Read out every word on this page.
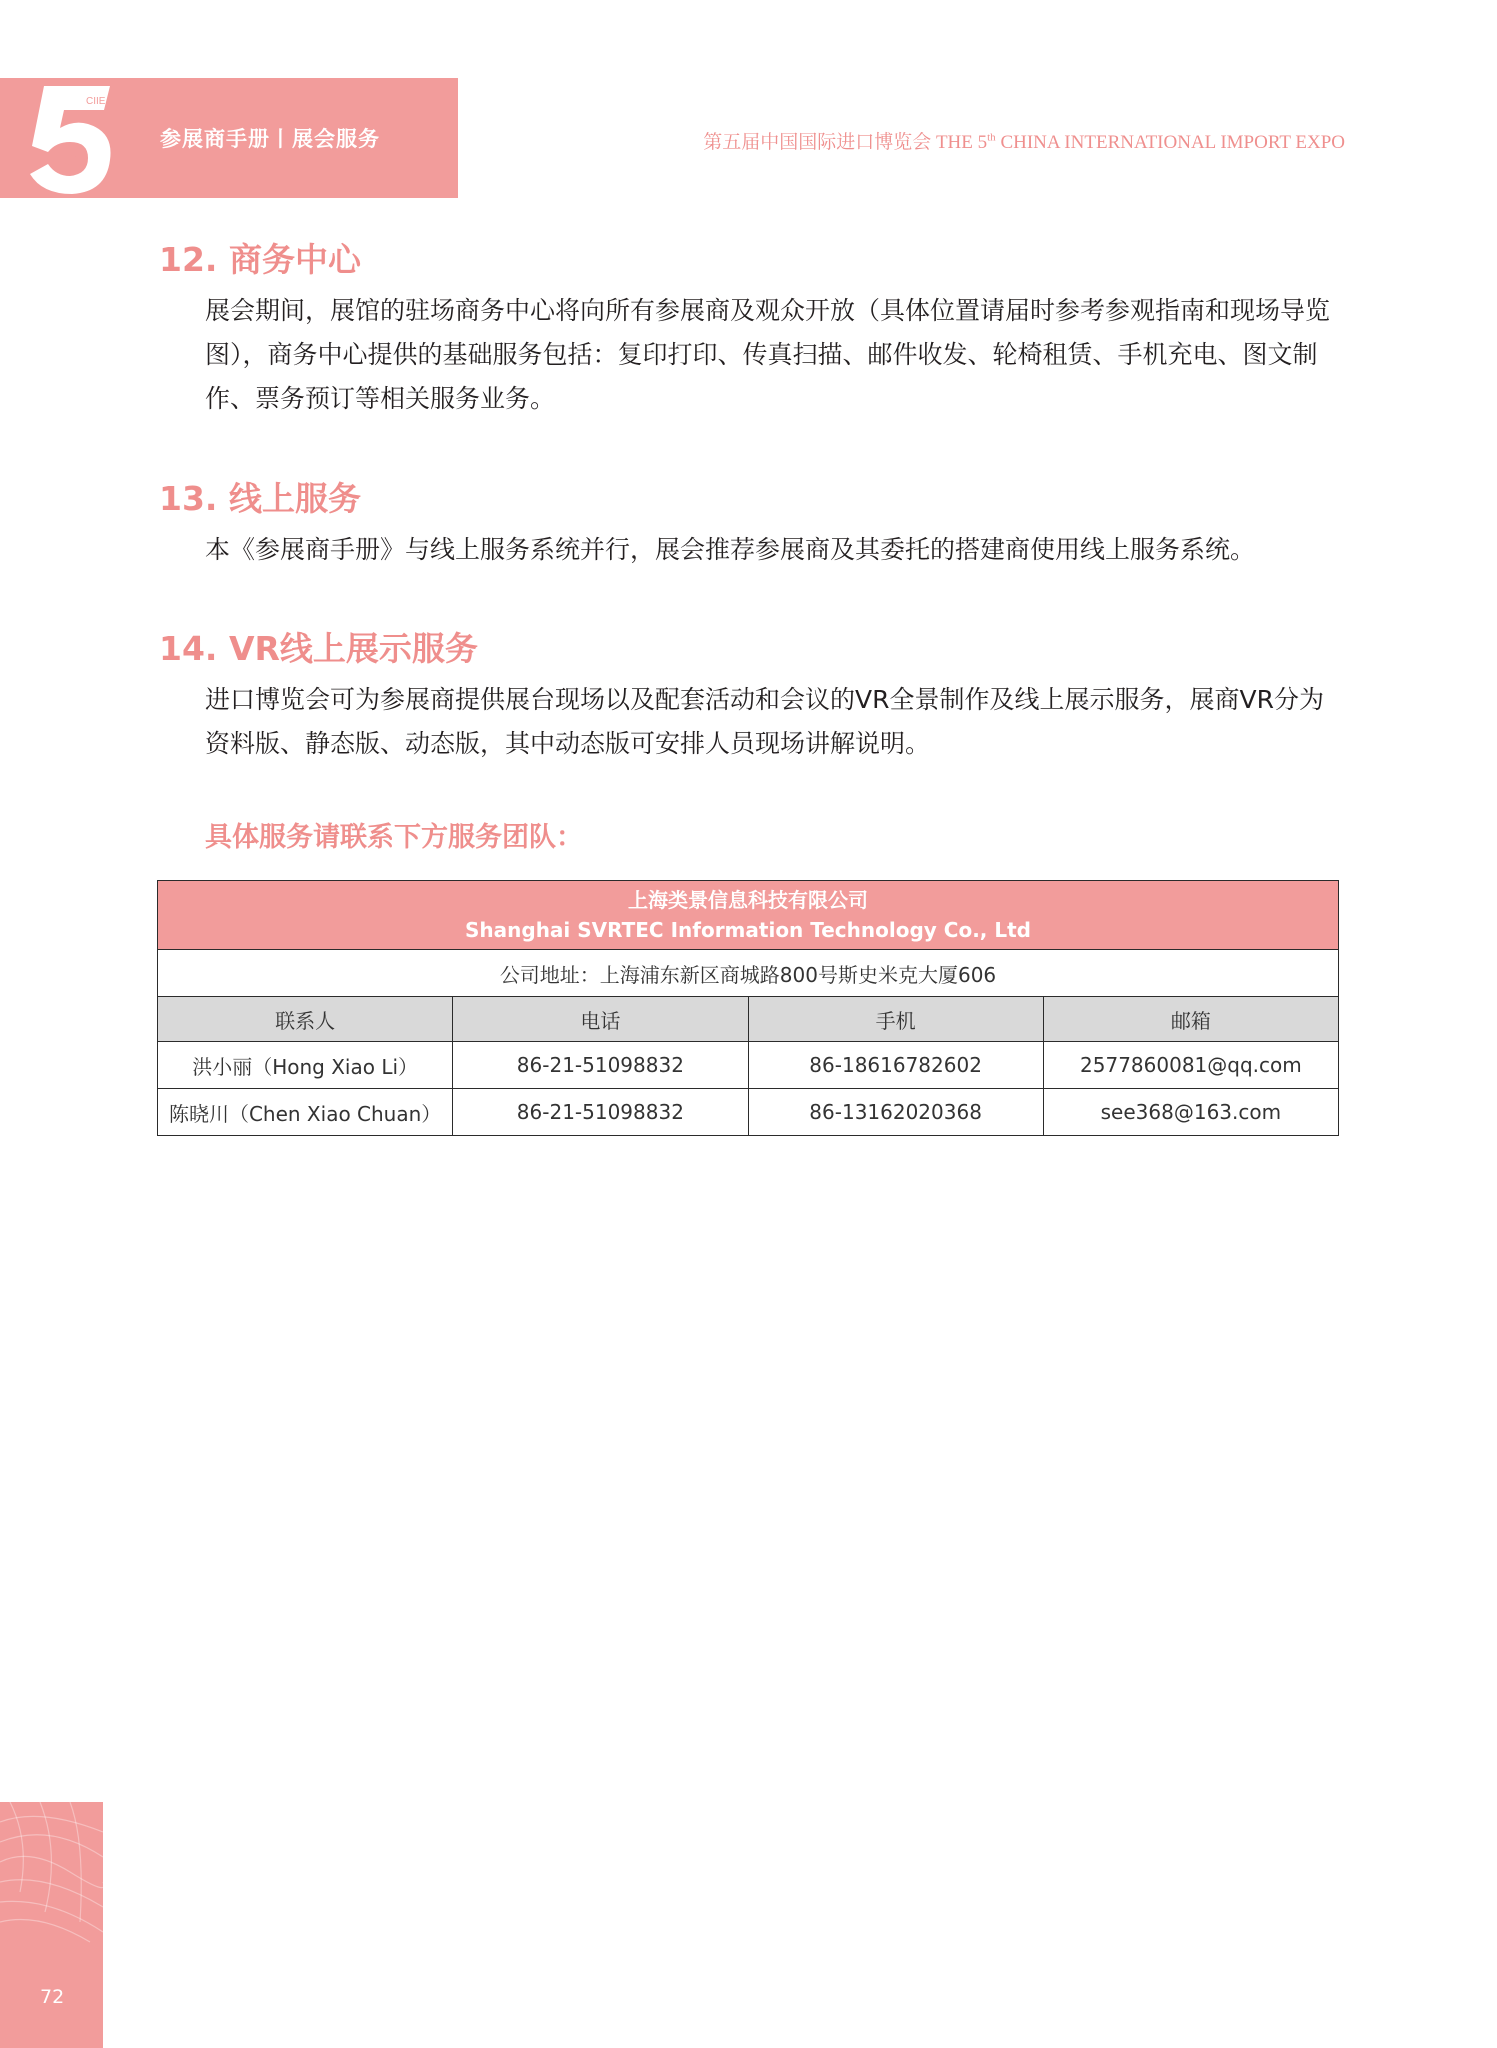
CIIE
参展商手册丨展会服务	第五届中国国际进口博览会 THE 5th CHINA INTERNATIONAL IMPORT EXPO
12. 商务中心
展会期间，展馆的驻场商务中心将向所有参展商及观众开放（具体位置请届时参考参观指南和现场导览图），商务中心提供的基础服务包括：复印打印、传真扫描、邮件收发、轮椅租赁、手机充电、图文制作、票务预订等相关服务业务。
13. 线上服务
本《参展商手册》与线上服务系统并行，展会推荐参展商及其委托的搭建商使用线上服务系统。
14. VR线上展示服务
进口博览会可为参展商提供展台现场以及配套活动和会议的VR全景制作及线上展示服务，展商VR分为资料版、静态版、动态版，其中动态版可安排人员现场讲解说明。
具体服务请联系下方服务团队：
上海类景信息科技有限公司
Shanghai SVRTEC Information Technology Co., Ltd			

公司地址：上海浦东新区商城路800号斯史米克大厦606			
联系人	电话	手机	邮箱
洪小丽（Hong Xiao Li）	86-21-51098832	86-18616782602	2577860081@qq.com
陈晓川（Chen Xiao Chuan）	86-21-51098832	86-13162020368	see368@163.com
72
